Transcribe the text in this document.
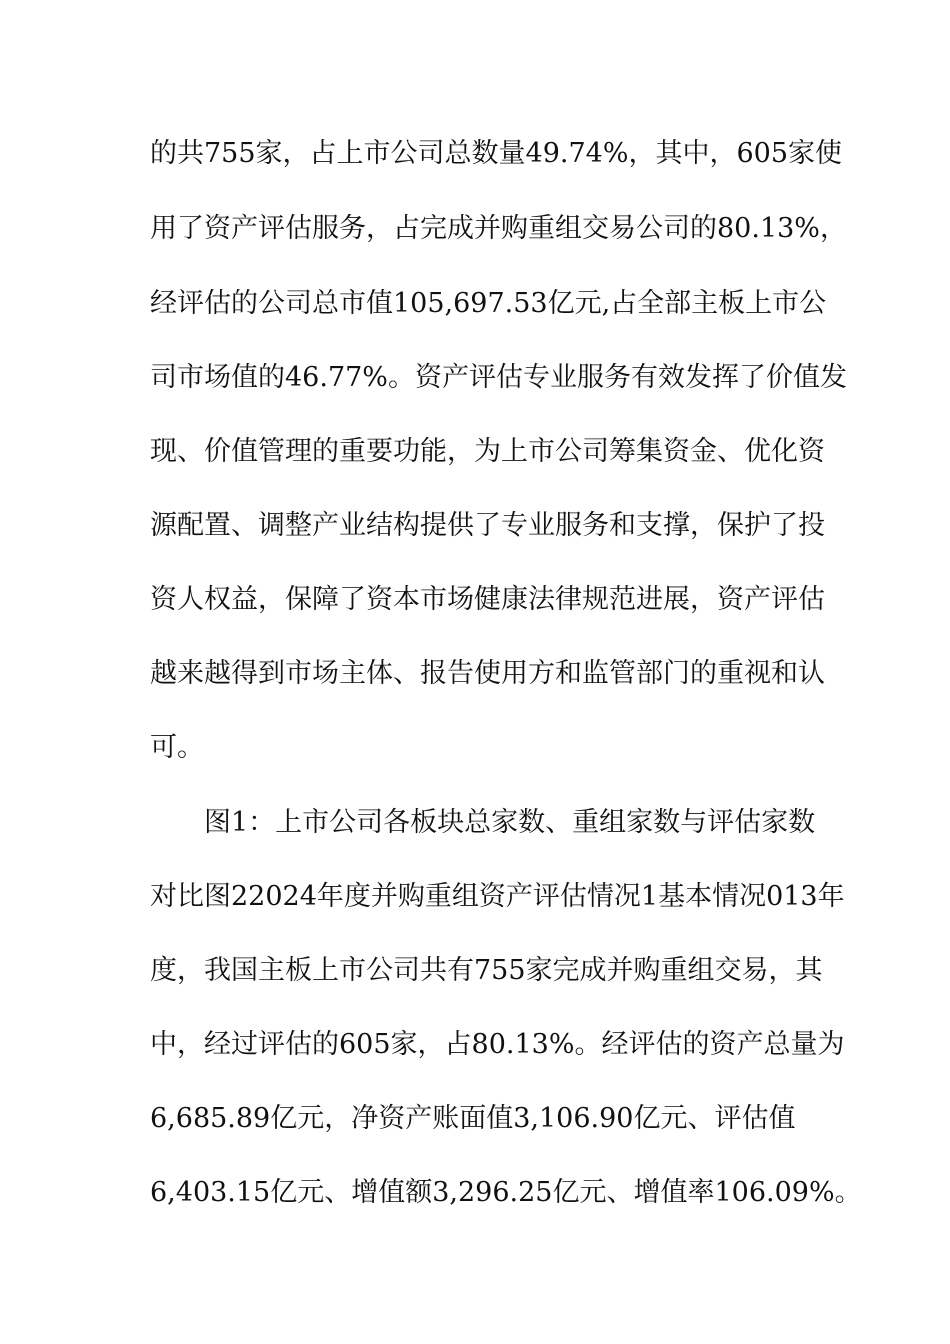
的共755家，占上市公司总数量49.74%，其中，605家使
用了资产评估服务，占完成并购重组交易公司的80.13%，
经评估的公司总市值105,697.53亿元,占全部主板上市公
司市场值的46.77%。资产评估专业服务有效发挥了价值发
现、价值管理的重要功能，为上市公司筹集资金、优化资
源配置、调整产业结构提供了专业服务和支撑，保护了投
资人权益，保障了资本市场健康法律规范进展，资产评估
越来越得到市场主体、报告使用方和监管部门的重视和认
可。
图1：上市公司各板块总家数、重组家数与评估家数
对比图22024年度并购重组资产评估情况1基本情况013年
度，我国主板上市公司共有755家完成并购重组交易，其
中，经过评估的605家，占80.13%。经评估的资产总量为
6,685.89亿元，净资产账面值3,106.90亿元、评估值
6,403.15亿元、增值额3,296.25亿元、增值率106.09%。
